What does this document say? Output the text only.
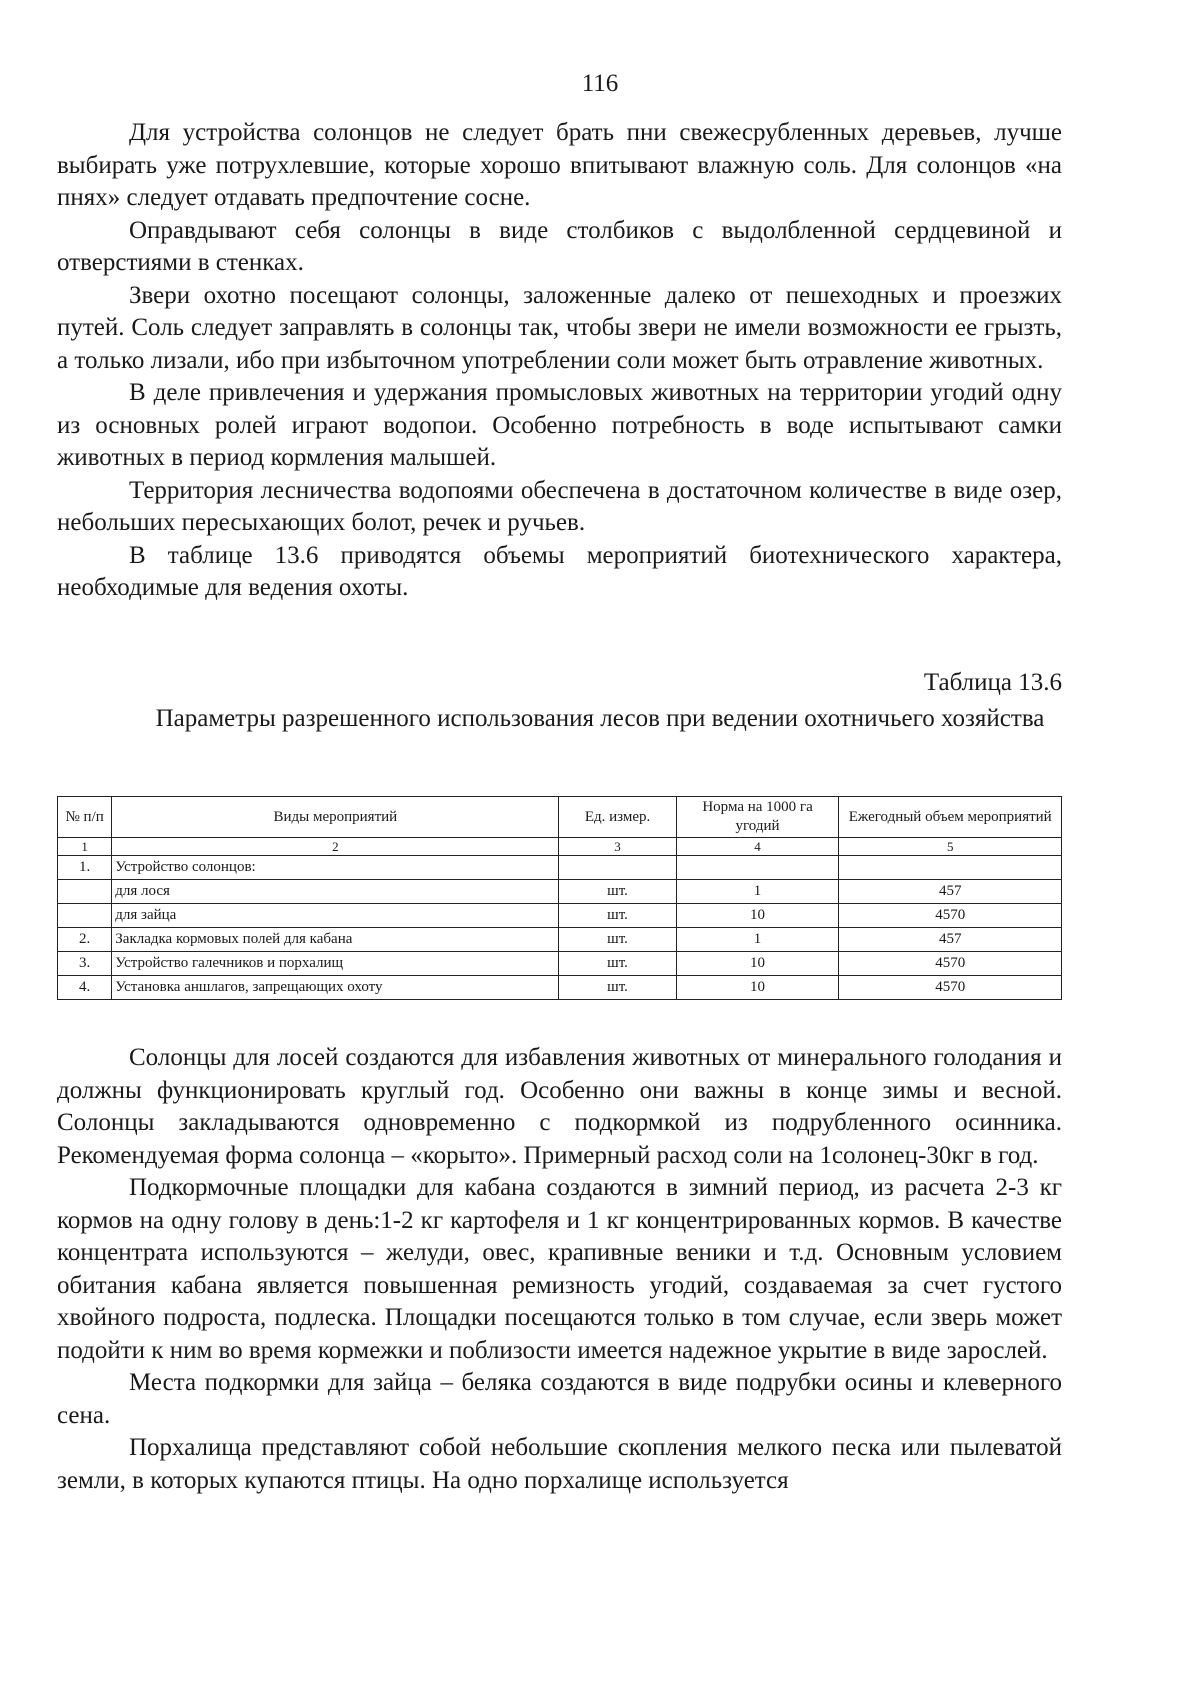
116

Для устройства солонцов не следует брать пни свежесрубленных деревьев, лучше выбирать уже потрухлевшие, которые хорошо впитывают влажную соль. Для солонцов «на пнях» следует отдавать предпочтение сосне.

Оправдывают себя солонцы в виде столбиков с выдолбленной сердцевиной и отверстиями в стенках.

Звери охотно посещают солонцы, заложенные далеко от пешеходных и проезжих путей. Соль следует заправлять в солонцы так, чтобы звери не имели возможности ее грызть, а только лизали, ибо при избыточном употреблении соли может быть отравление животных.

В деле привлечения и удержания промысловых животных на территории угодий одну из основных ролей играют водопои. Особенно потребность в воде испытывают самки животных в период кормления малышей.

Территория лесничества водопоями обеспечена в достаточном количестве в виде озер, небольших пересыхающих болот, речек и ручьев.

В таблице 13.6 приводятся объемы мероприятий биотехнического характера, необходимые для ведения охоты.

Таблица 13.6
Параметры разрешенного использования лесов при ведении охотничьего хозяйства
№ п/п	Виды мероприятий	Ед. измер.	Норма на 1000 га угодий	Ежегодный объем мероприятий
1	2	3	4	5
1.	Устройство солонцов:			
	для лося	шт.	1	457
	для зайца	шт.	10	4570
2.	Закладка кормовых полей для кабана	шт.	1	457
3.	Устройство галечников и порхалищ	шт.	10	4570
4.	Установка аншлагов, запрещающих охоту	шт.	10	4570

Солонцы для лосей создаются для избавления животных от минерального голодания и должны функционировать круглый год. Особенно они важны в конце зимы и весной. Солонцы закладываются одновременно с подкормкой из подрубленного осинника. Рекомендуемая форма солонца – «корыто». Примерный расход соли на 1солонец-30кг в год.

Подкормочные площадки для кабана создаются в зимний период, из расчета 2-3 кг кормов на одну голову в день:1-2 кг картофеля и 1 кг концентрированных кормов. В качестве концентрата используются – желуди, овес, крапивные веники и т.д. Основным условием обитания кабана является повышенная ремизность угодий, создаваемая за счет густого хвойного подроста, подлеска. Площадки посещаются только в том случае, если зверь может подойти к ним во время кормежки и поблизости имеется надежное укрытие в виде зарослей.

Места подкормки для зайца – беляка создаются в виде подрубки осины и клеверного сена.

Порхалища представляют собой небольшие скопления мелкого песка или пылеватой земли, в которых купаются птицы. На одно порхалище используется
